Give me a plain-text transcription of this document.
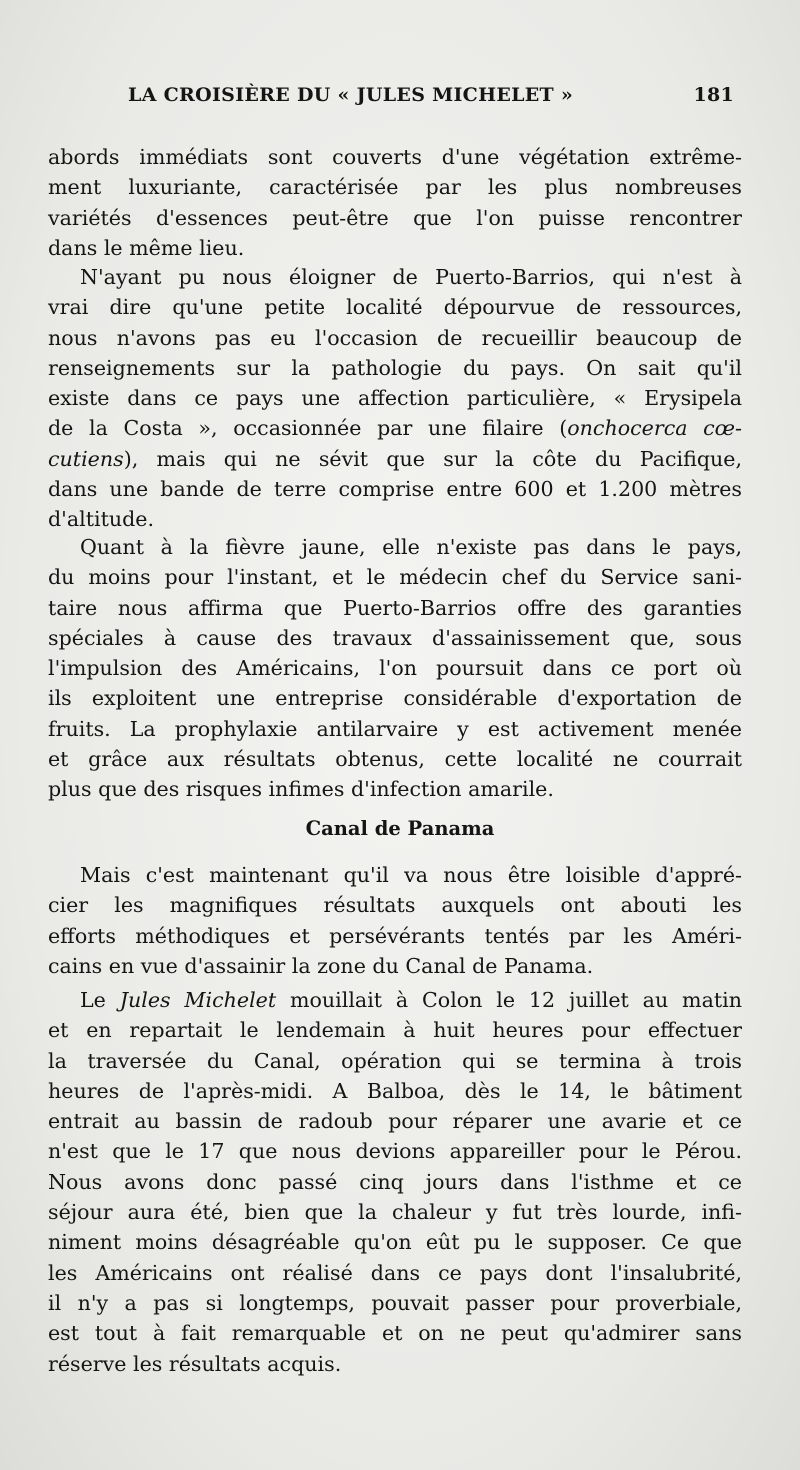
LA CROISIÈRE DU « JULES MICHELET »	181
abords immédiats sont couverts d'une végétation extrême-
ment luxuriante, caractérisée par les plus nombreuses
variétés d'essences peut-être que l'on puisse rencontrer
dans le même lieu.
N'ayant pu nous éloigner de Puerto-Barrios, qui n'est à
vrai dire qu'une petite localité dépourvue de ressources,
nous n'avons pas eu l'occasion de recueillir beaucoup de
renseignements sur la pathologie du pays. On sait qu'il
existe dans ce pays une affection particulière, « Erysipela
de la Costa », occasionnée par une filaire (onchocerca cœ-
cutiens), mais qui ne sévit que sur la côte du Pacifique,
dans une bande de terre comprise entre 600 et 1.200 mètres
d'altitude.
Quant à la fièvre jaune, elle n'existe pas dans le pays,
du moins pour l'instant, et le médecin chef du Service sani-
taire nous affirma que Puerto-Barrios offre des garanties
spéciales à cause des travaux d'assainissement que, sous
l'impulsion des Américains, l'on poursuit dans ce port où
ils exploitent une entreprise considérable d'exportation de
fruits. La prophylaxie antilarvaire y est activement menée
et grâce aux résultats obtenus, cette localité ne courrait
plus que des risques infimes d'infection amarile.
Canal de Panama
Mais c'est maintenant qu'il va nous être loisible d'appré-
cier les magnifiques résultats auxquels ont abouti les
efforts méthodiques et persévérants tentés par les Améri-
cains en vue d'assainir la zone du Canal de Panama.
Le Jules Michelet mouillait à Colon le 12 juillet au matin
et en repartait le lendemain à huit heures pour effectuer
la traversée du Canal, opération qui se termina à trois
heures de l'après-midi. A Balboa, dès le 14, le bâtiment
entrait au bassin de radoub pour réparer une avarie et ce
n'est que le 17 que nous devions appareiller pour le Pérou.
Nous avons donc passé cinq jours dans l'isthme et ce
séjour aura été, bien que la chaleur y fut très lourde, infi-
niment moins désagréable qu'on eût pu le supposer. Ce que
les Américains ont réalisé dans ce pays dont l'insalubrité,
il n'y a pas si longtemps, pouvait passer pour proverbiale,
est tout à fait remarquable et on ne peut qu'admirer sans
réserve les résultats acquis.
